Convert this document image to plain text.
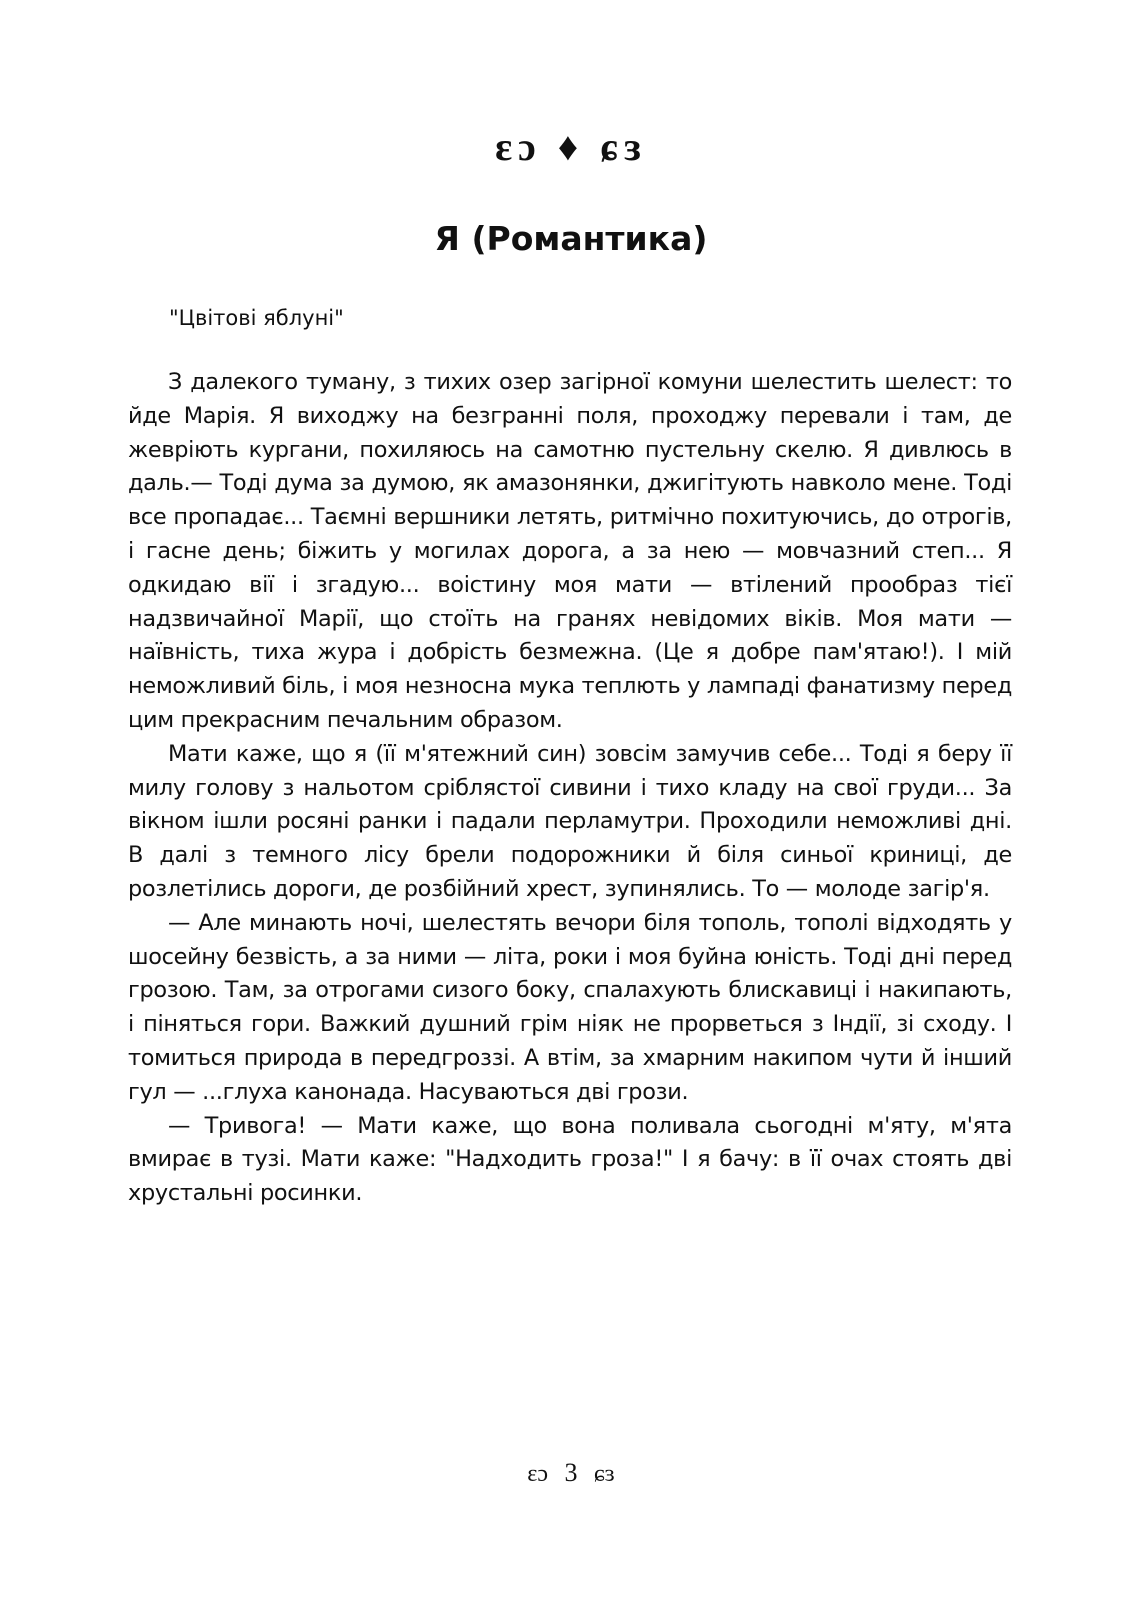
ɛɔ ♦ ɕɜ
Я (Романтика)
"Цвітові яблуні"

З далекого туману, з тихих озер загірної комуни шелестить шелест: то йде Марія. Я виходжу на безгранні поля, проходжу перевали і там, де жевріють кургани, похиляюсь на самотню пустельну скелю. Я дивлюсь в даль.— Тоді дума за думою, як амазонянки, джигітують навколо мене. Тоді все пропадає... Таємні вершники летять, ритмічно похитуючись, до отрогів, і гасне день; біжить у могилах дорога, а за нею — мовчазний степ... Я одкидаю вії і згадую... воістину моя мати — втілений прообраз тієї надзвичайної Марії, що стоїть на гранях невідомих віків. Моя мати — наївність, тиха жура і добрість безмежна. (Це я добре пам'ятаю!). І мій неможливий біль, і моя незносна мука теплють у лампаді фанатизму перед цим прекрасним печальним образом.

Мати каже, що я (її м'ятежний син) зовсім замучив себе... Тоді я беру її милу голову з нальотом сріблястої сивини і тихо кладу на свої груди... За вікном ішли росяні ранки і падали перламутри. Проходили неможливі дні. В далі з темного лісу брели подорожники й біля синьої криниці, де розлетілись дороги, де розбійний хрест, зупинялись. То — молоде загір'я.

— Але минають ночі, шелестять вечори біля тополь, тополі відходять у шосейну безвість, а за ними — літа, роки і моя буйна юність. Тоді дні перед грозою. Там, за отрогами сизого боку, спалахують блискавиці і накипають, і піняться гори. Важкий душний грім ніяк не прорветься з Індії, зі сходу. І томиться природа в передгроззі. А втім, за хмарним накипом чути й інший гул — ...глуха канонада. Насуваються дві грози.

— Тривога! — Мати каже, що вона поливала сьогодні м'яту, м'ята вмирає в тузі. Мати каже: "Надходить гроза!" І я бачу: в її очах стоять дві хрустальні росинки.

ɛɔ 3 ɕɜ
